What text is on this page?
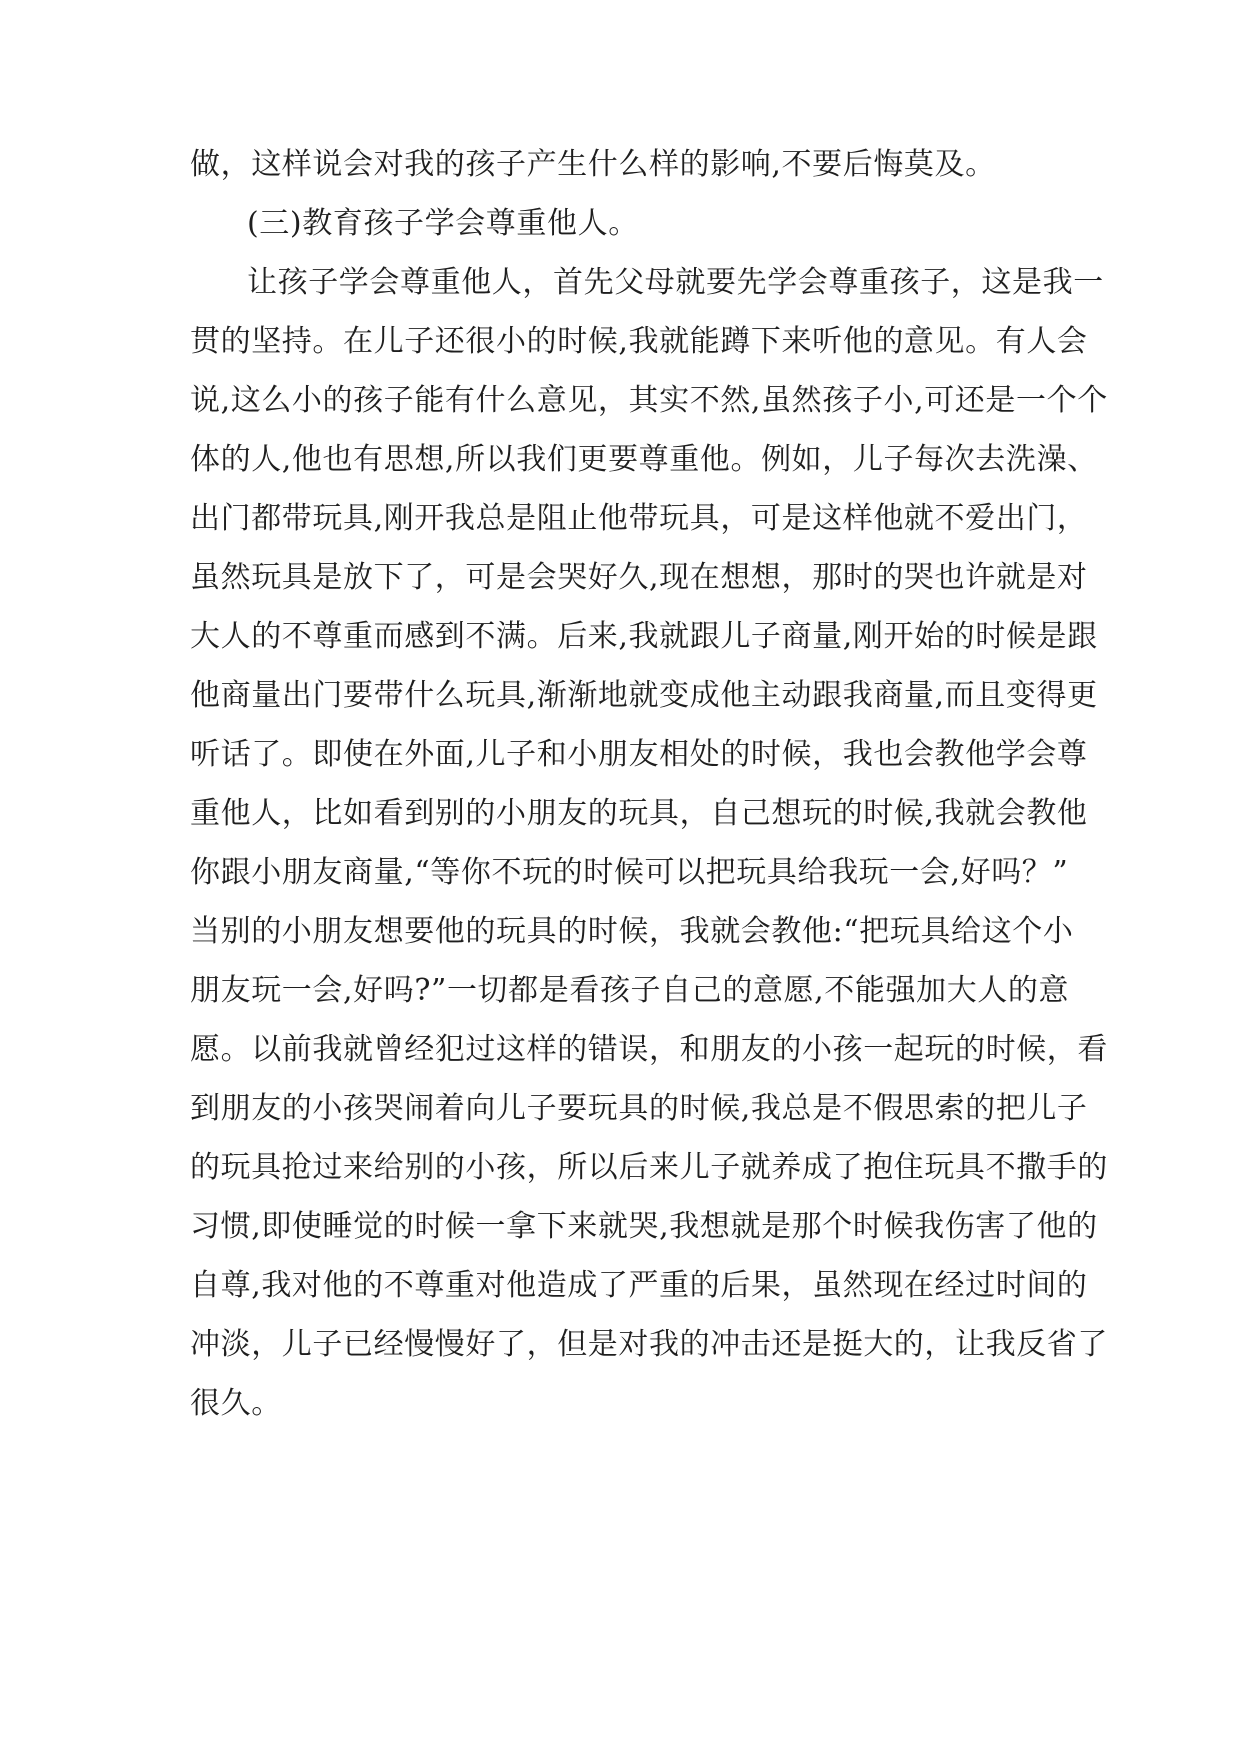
做，这样说会对我的孩子产生什么样的影响,不要后悔莫及。
(三)教育孩子学会尊重他人。
让孩子学会尊重他人，首先父母就要先学会尊重孩子，这是我一
贯的坚持。在儿子还很小的时候,我就能蹲下来听他的意见。有人会
说,这么小的孩子能有什么意见，其实不然,虽然孩子小,可还是一个个
体的人,他也有思想,所以我们更要尊重他。例如，儿子每次去洗澡、
出门都带玩具,刚开我总是阻止他带玩具，可是这样他就不爱出门，
虽然玩具是放下了，可是会哭好久,现在想想，那时的哭也许就是对
大人的不尊重而感到不满。后来,我就跟儿子商量,刚开始的时候是跟
他商量出门要带什么玩具,渐渐地就变成他主动跟我商量,而且变得更
听话了。即使在外面,儿子和小朋友相处的时候，我也会教他学会尊
重他人，比如看到别的小朋友的玩具，自己想玩的时候,我就会教他
你跟小朋友商量,“等你不玩的时候可以把玩具给我玩一会,好吗？”
当别的小朋友想要他的玩具的时候，我就会教他:“把玩具给这个小
朋友玩一会,好吗?”一切都是看孩子自己的意愿,不能强加大人的意
愿。以前我就曾经犯过这样的错误，和朋友的小孩一起玩的时候，看
到朋友的小孩哭闹着向儿子要玩具的时候,我总是不假思索的把儿子
的玩具抢过来给别的小孩，所以后来儿子就养成了抱住玩具不撒手的
习惯,即使睡觉的时候一拿下来就哭,我想就是那个时候我伤害了他的
自尊,我对他的不尊重对他造成了严重的后果，虽然现在经过时间的
冲淡，儿子已经慢慢好了，但是对我的冲击还是挺大的，让我反省了
很久。
